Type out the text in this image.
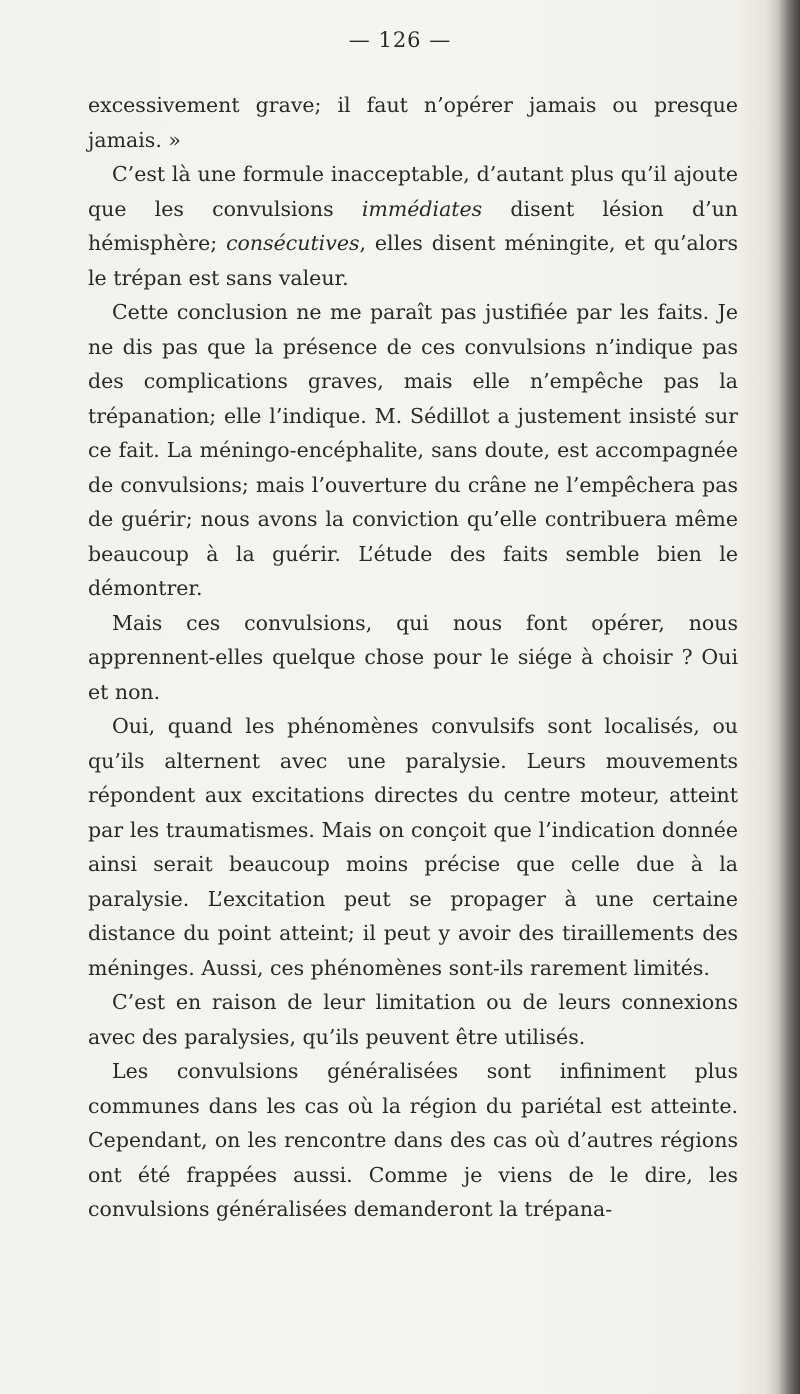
— 126 —

excessivement grave; il faut n’opérer jamais ou presque jamais. »

C’est là une formule inacceptable, d’autant plus qu’il ajoute que les convulsions immédiates disent lésion d’un hémisphère; consécutives, elles disent méningite, et qu’alors le trépan est sans valeur.

Cette conclusion ne me paraît pas justifiée par les faits. Je ne dis pas que la présence de ces convulsions n’indique pas des complications graves, mais elle n’empêche pas la trépanation; elle l’indique. M. Sédillot a justement insisté sur ce fait. La méningo-encéphalite, sans doute, est accompagnée de convulsions; mais l’ouverture du crâne ne l’empêchera pas de guérir; nous avons la conviction qu’elle contribuera même beaucoup à la guérir. L’étude des faits semble bien le démontrer.

Mais ces convulsions, qui nous font opérer, nous apprennent-elles quelque chose pour le siége à choisir ? Oui et non.

Oui, quand les phénomènes convulsifs sont localisés, ou qu’ils alternent avec une paralysie. Leurs mouvements répondent aux excitations directes du centre moteur, atteint par les traumatismes. Mais on conçoit que l’indication donnée ainsi serait beaucoup moins précise que celle due à la paralysie. L’excitation peut se propager à une certaine distance du point atteint; il peut y avoir des tiraillements des méninges. Aussi, ces phénomènes sont-ils rarement limités.

C’est en raison de leur limitation ou de leurs connexions avec des paralysies, qu’ils peuvent être utilisés.

Les convulsions généralisées sont infiniment plus communes dans les cas où la région du pariétal est atteinte. Cependant, on les rencontre dans des cas où d’autres régions ont été frappées aussi. Comme je viens de le dire, les convulsions généralisées demanderont la trépana-
